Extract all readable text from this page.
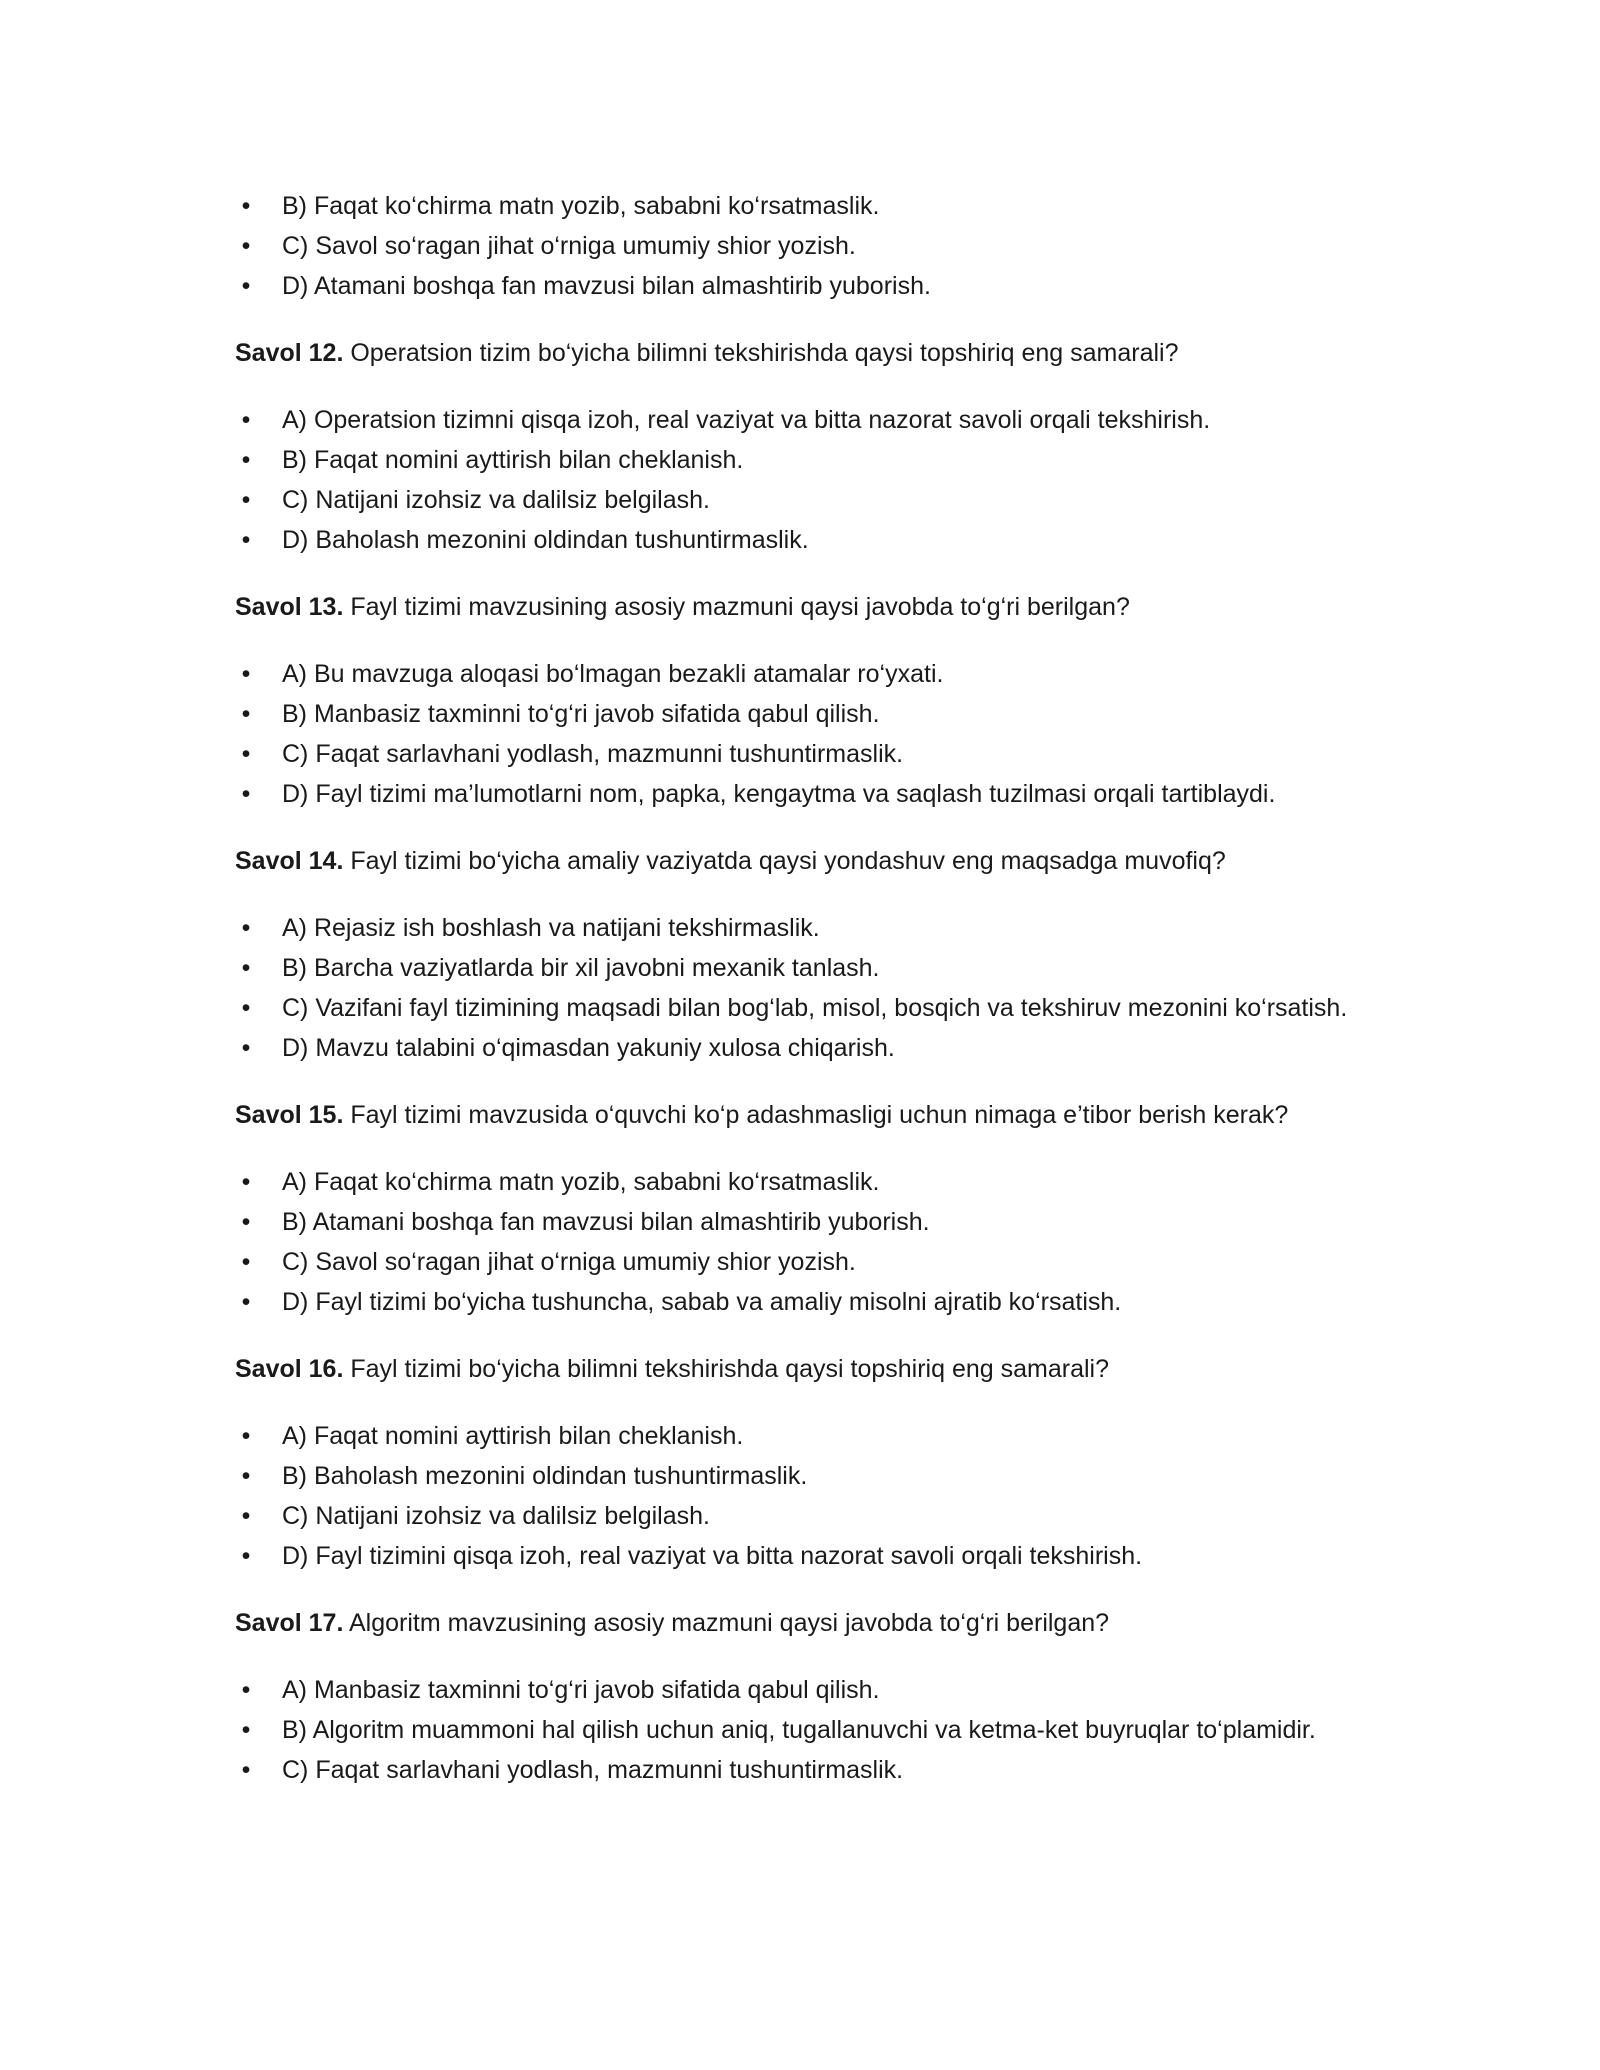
• B) Faqat ko‘chirma matn yozib, sababni ko‘rsatmaslik.
• C) Savol so‘ragan jihat o‘rniga umumiy shior yozish.
• D) Atamani boshqa fan mavzusi bilan almashtirib yuborish.

Savol 12. Operatsion tizim bo‘yicha bilimni tekshirishda qaysi topshiriq eng samarali?

• A) Operatsion tizimni qisqa izoh, real vaziyat va bitta nazorat savoli orqali tekshirish.
• B) Faqat nomini ayttirish bilan cheklanish.
• C) Natijani izohsiz va dalilsiz belgilash.
• D) Baholash mezonini oldindan tushuntirmaslik.

Savol 13. Fayl tizimi mavzusining asosiy mazmuni qaysi javobda to‘g‘ri berilgan?

• A) Bu mavzuga aloqasi bo‘lmagan bezakli atamalar ro‘yxati.
• B) Manbasiz taxminni to‘g‘ri javob sifatida qabul qilish.
• C) Faqat sarlavhani yodlash, mazmunni tushuntirmaslik.
• D) Fayl tizimi ma’lumotlarni nom, papka, kengaytma va saqlash tuzilmasi orqali tartiblaydi.

Savol 14. Fayl tizimi bo‘yicha amaliy vaziyatda qaysi yondashuv eng maqsadga muvofiq?

• A) Rejasiz ish boshlash va natijani tekshirmaslik.
• B) Barcha vaziyatlarda bir xil javobni mexanik tanlash.
• C) Vazifani fayl tizimining maqsadi bilan bog‘lab, misol, bosqich va tekshiruv mezonini ko‘rsatish.
• D) Mavzu talabini o‘qimasdan yakuniy xulosa chiqarish.

Savol 15. Fayl tizimi mavzusida o‘quvchi ko‘p adashmasligi uchun nimaga e’tibor berish kerak?

• A) Faqat ko‘chirma matn yozib, sababni ko‘rsatmaslik.
• B) Atamani boshqa fan mavzusi bilan almashtirib yuborish.
• C) Savol so‘ragan jihat o‘rniga umumiy shior yozish.
• D) Fayl tizimi bo‘yicha tushuncha, sabab va amaliy misolni ajratib ko‘rsatish.

Savol 16. Fayl tizimi bo‘yicha bilimni tekshirishda qaysi topshiriq eng samarali?

• A) Faqat nomini ayttirish bilan cheklanish.
• B) Baholash mezonini oldindan tushuntirmaslik.
• C) Natijani izohsiz va dalilsiz belgilash.
• D) Fayl tizimini qisqa izoh, real vaziyat va bitta nazorat savoli orqali tekshirish.

Savol 17. Algoritm mavzusining asosiy mazmuni qaysi javobda to‘g‘ri berilgan?

• A) Manbasiz taxminni to‘g‘ri javob sifatida qabul qilish.
• B) Algoritm muammoni hal qilish uchun aniq, tugallanuvchi va ketma-ket buyruqlar to‘plamidir.
• C) Faqat sarlavhani yodlash, mazmunni tushuntirmaslik.
